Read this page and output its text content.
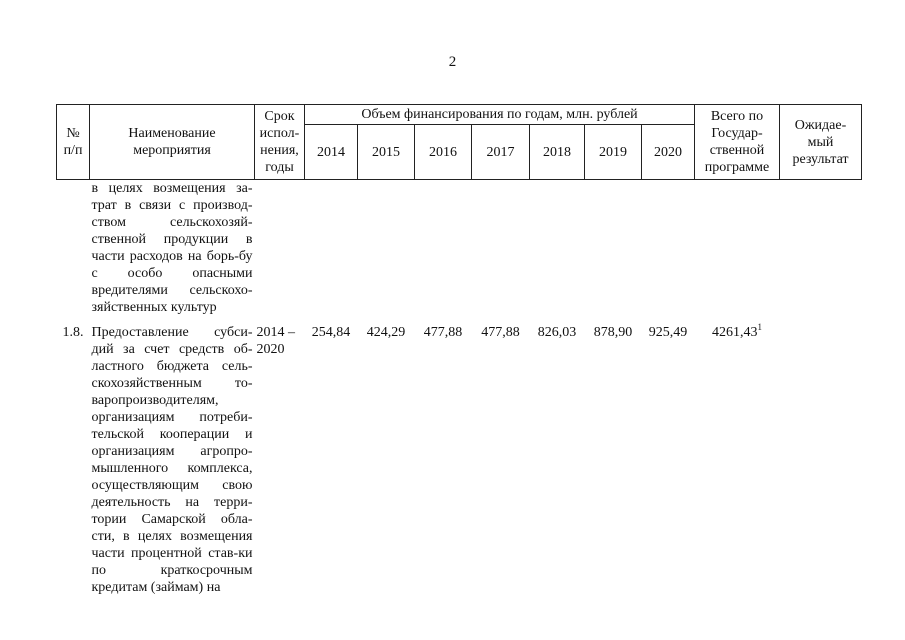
2
№ п/п	Наименование мероприятия	Срок испол-нения, годы	Объем финансирования по годам, млн. рублей							Всего по Государ-ственной программе	Ожидае-мый результат
			2014	2015	2016	2017	2018	2019	2020		
	в целях возмещения за-трат в связи с производ-ством сельскохозяй-ственной продукции в части расходов на борь-бу с особо опасными вредителями сельскохо-зяйственных культур										
1.8.	Предоставление субси-дий за счет средств об-ластного бюджета сель-скохозяйственным то-варопроизводителям, организациям потреби-тельской кооперации и организациям агропро-мышленного комплекса, осуществляющим свою деятельность на терри-тории Самарской обла-сти, в целях возмещения части процентной став-ки по краткосрочным кредитам (займам) на	2014 – 2020	254,84	424,29	477,88	477,88	826,03	878,90	925,49	4261,43$^1$	
